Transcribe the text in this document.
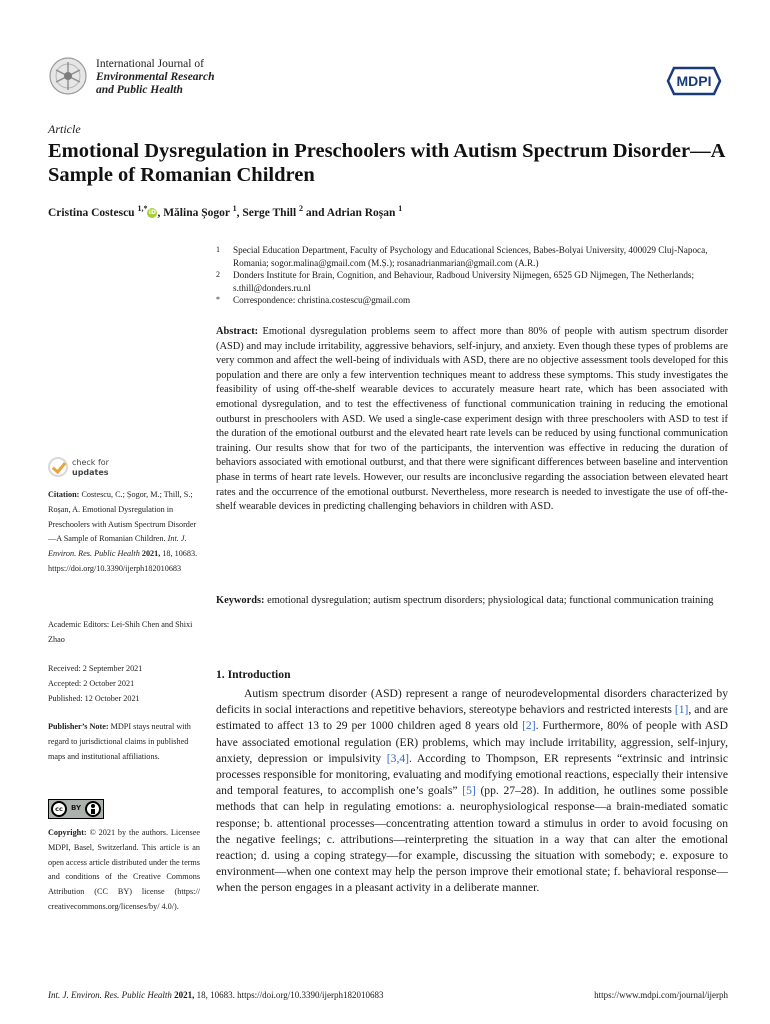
International Journal of
Environmental Research
and Public Health
MDPI
Article
Emotional Dysregulation in Preschoolers with Autism Spectrum Disorder—A Sample of Romanian Children
Cristina Costescu $^{1,*}$iD, Mălina Șogor $^1$, Serge Thill $^2$ and Adrian Roșan $^1$
1	Special Education Department, Faculty of Psychology and Educational Sciences, Babes-Bolyai University, 400029 Cluj-Napoca, Romania; sogor.malina@gmail.com (M.Ș.); rosanadrianmarian@gmail.com (A.R.)
2	Donders Institute for Brain, Cognition, and Behaviour, Radboud University Nijmegen, 6525 GD Nijmegen, The Netherlands; s.thill@donders.ru.nl
*	Correspondence: christina.costescu@gmail.com
Abstract: Emotional dysregulation problems seem to affect more than 80% of people with autism spectrum disorder (ASD) and may include irritability, aggressive behaviors, self-injury, and anxiety. Even though these types of problems are very common and affect the well-being of individuals with ASD, there are no objective assessment tools developed for this population and there are only a few intervention techniques meant to address these symptoms. This study investigates the feasibility of using off-the-shelf wearable devices to accurately measure heart rate, which has been associated with emotional dysregulation, and to test the effectiveness of functional communication training in reducing the emotional outburst in preschoolers with ASD. We used a single-case experiment design with three preschoolers with ASD to test if the duration of the emotional outburst and the elevated heart rate levels can be reduced by using functional communication training. Our results show that for two of the participants, the intervention was effective in reducing the duration of behaviors associated with emotional outburst, and that there were significant differences between baseline and intervention phase in terms of heart rate levels. However, our results are inconclusive regarding the association between elevated heart rates and the occurrence of the emotional outburst. Nevertheless, more research is needed to investigate the use of off-the-shelf wearable devices in predicting challenging behaviors in children with ASD.
Keywords: emotional dysregulation; autism spectrum disorders; physiological data; functional communication training
check for
updates
Citation: Costescu, C.; Șogor, M.; Thill, S.; Roșan, A. Emotional Dysregulation in Preschoolers with Autism Spectrum Disorder—A Sample of Romanian Children. Int. J. Environ. Res. Public Health 2021, 18, 10683. https://doi.org/10.3390/ijerph182010683
Academic Editors: Lei-Shih Chen and Shixi Zhao
Received: 2 September 2021
Accepted: 2 October 2021
Published: 12 October 2021
Publisher’s Note: MDPI stays neutral with regard to jurisdictional claims in published maps and institutional affiliations.
cc	BY
Copyright: © 2021 by the authors. Licensee MDPI, Basel, Switzerland. This article is an open access article distributed under the terms and conditions of the Creative Commons Attribution (CC BY) license (https:// creativecommons.org/licenses/by/ 4.0/).
1. Introduction
Autism spectrum disorder (ASD) represent a range of neurodevelopmental disorders characterized by deficits in social interactions and repetitive behaviors, stereotype behaviors and restricted interests [1], and are estimated to affect 13 to 29 per 1000 children aged 8 years old [2]. Furthermore, 80% of people with ASD have associated emotional regulation (ER) problems, which may include irritability, aggression, self-injury, anxiety, depression or impulsivity [3,4]. According to Thompson, ER represents “extrinsic and intrinsic processes responsible for monitoring, evaluating and modifying emotional reactions, especially their intensive and temporal features, to accomplish one’s goals” [5] (pp. 27–28). In addition, he outlines some possible methods that can help in regulating emotions: a. neurophysiological response—a brain-mediated somatic response; b. attentional processes—concentrating attention toward a stimulus in order to avoid focusing on the negative feelings; c. attributions—reinterpreting the situation in a way that can alter the emotional reaction; d. using a coping strategy—for example, discussing the situation with somebody; e. exposure to environment—when one context may help the person improve their emotional state; f. behavioral response—when the person engages in a pleasant activity in a deliberate manner.
Int. J. Environ. Res. Public Health 2021, 18, 10683. https://doi.org/10.3390/ijerph182010683	https://www.mdpi.com/journal/ijerph
